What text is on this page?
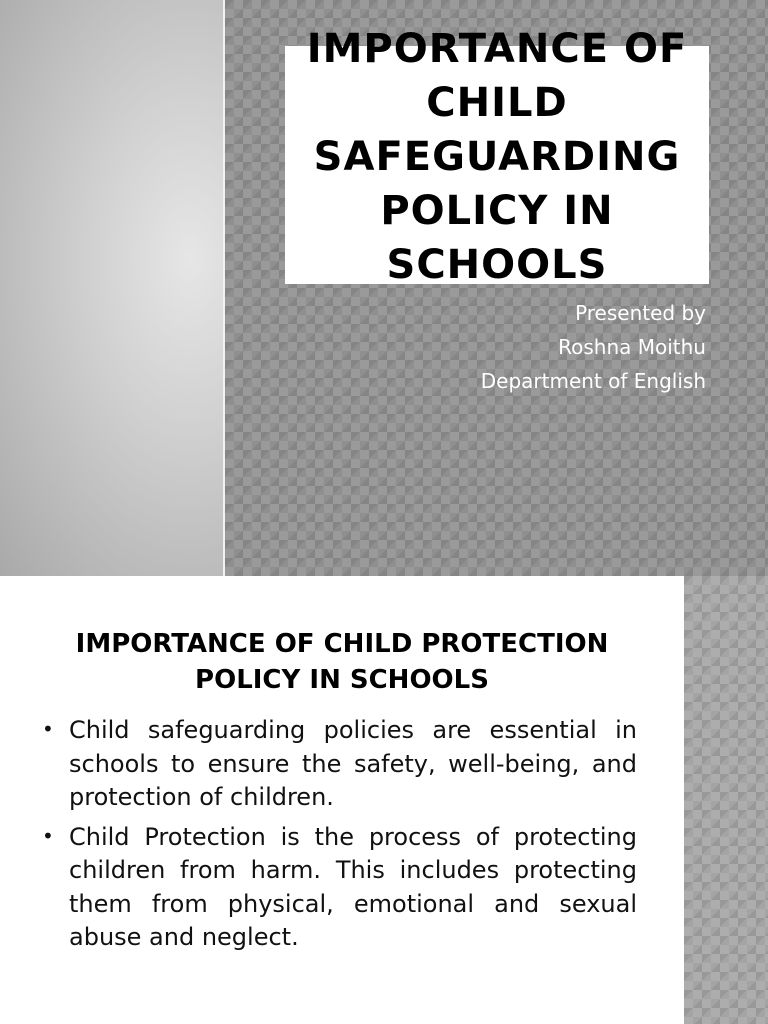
IMPORTANCE OF CHILD SAFEGUARDING POLICY IN SCHOOLS
Presented by
Roshna Moithu
Department of English
IMPORTANCE OF CHILD PROTECTION POLICY IN SCHOOLS
• Child safeguarding policies are essential in schools to ensure the safety, well-being, and protection of children.
• Child Protection is the process of protecting children from harm. This includes protecting them from physical, emotional and sexual abuse and neglect.
